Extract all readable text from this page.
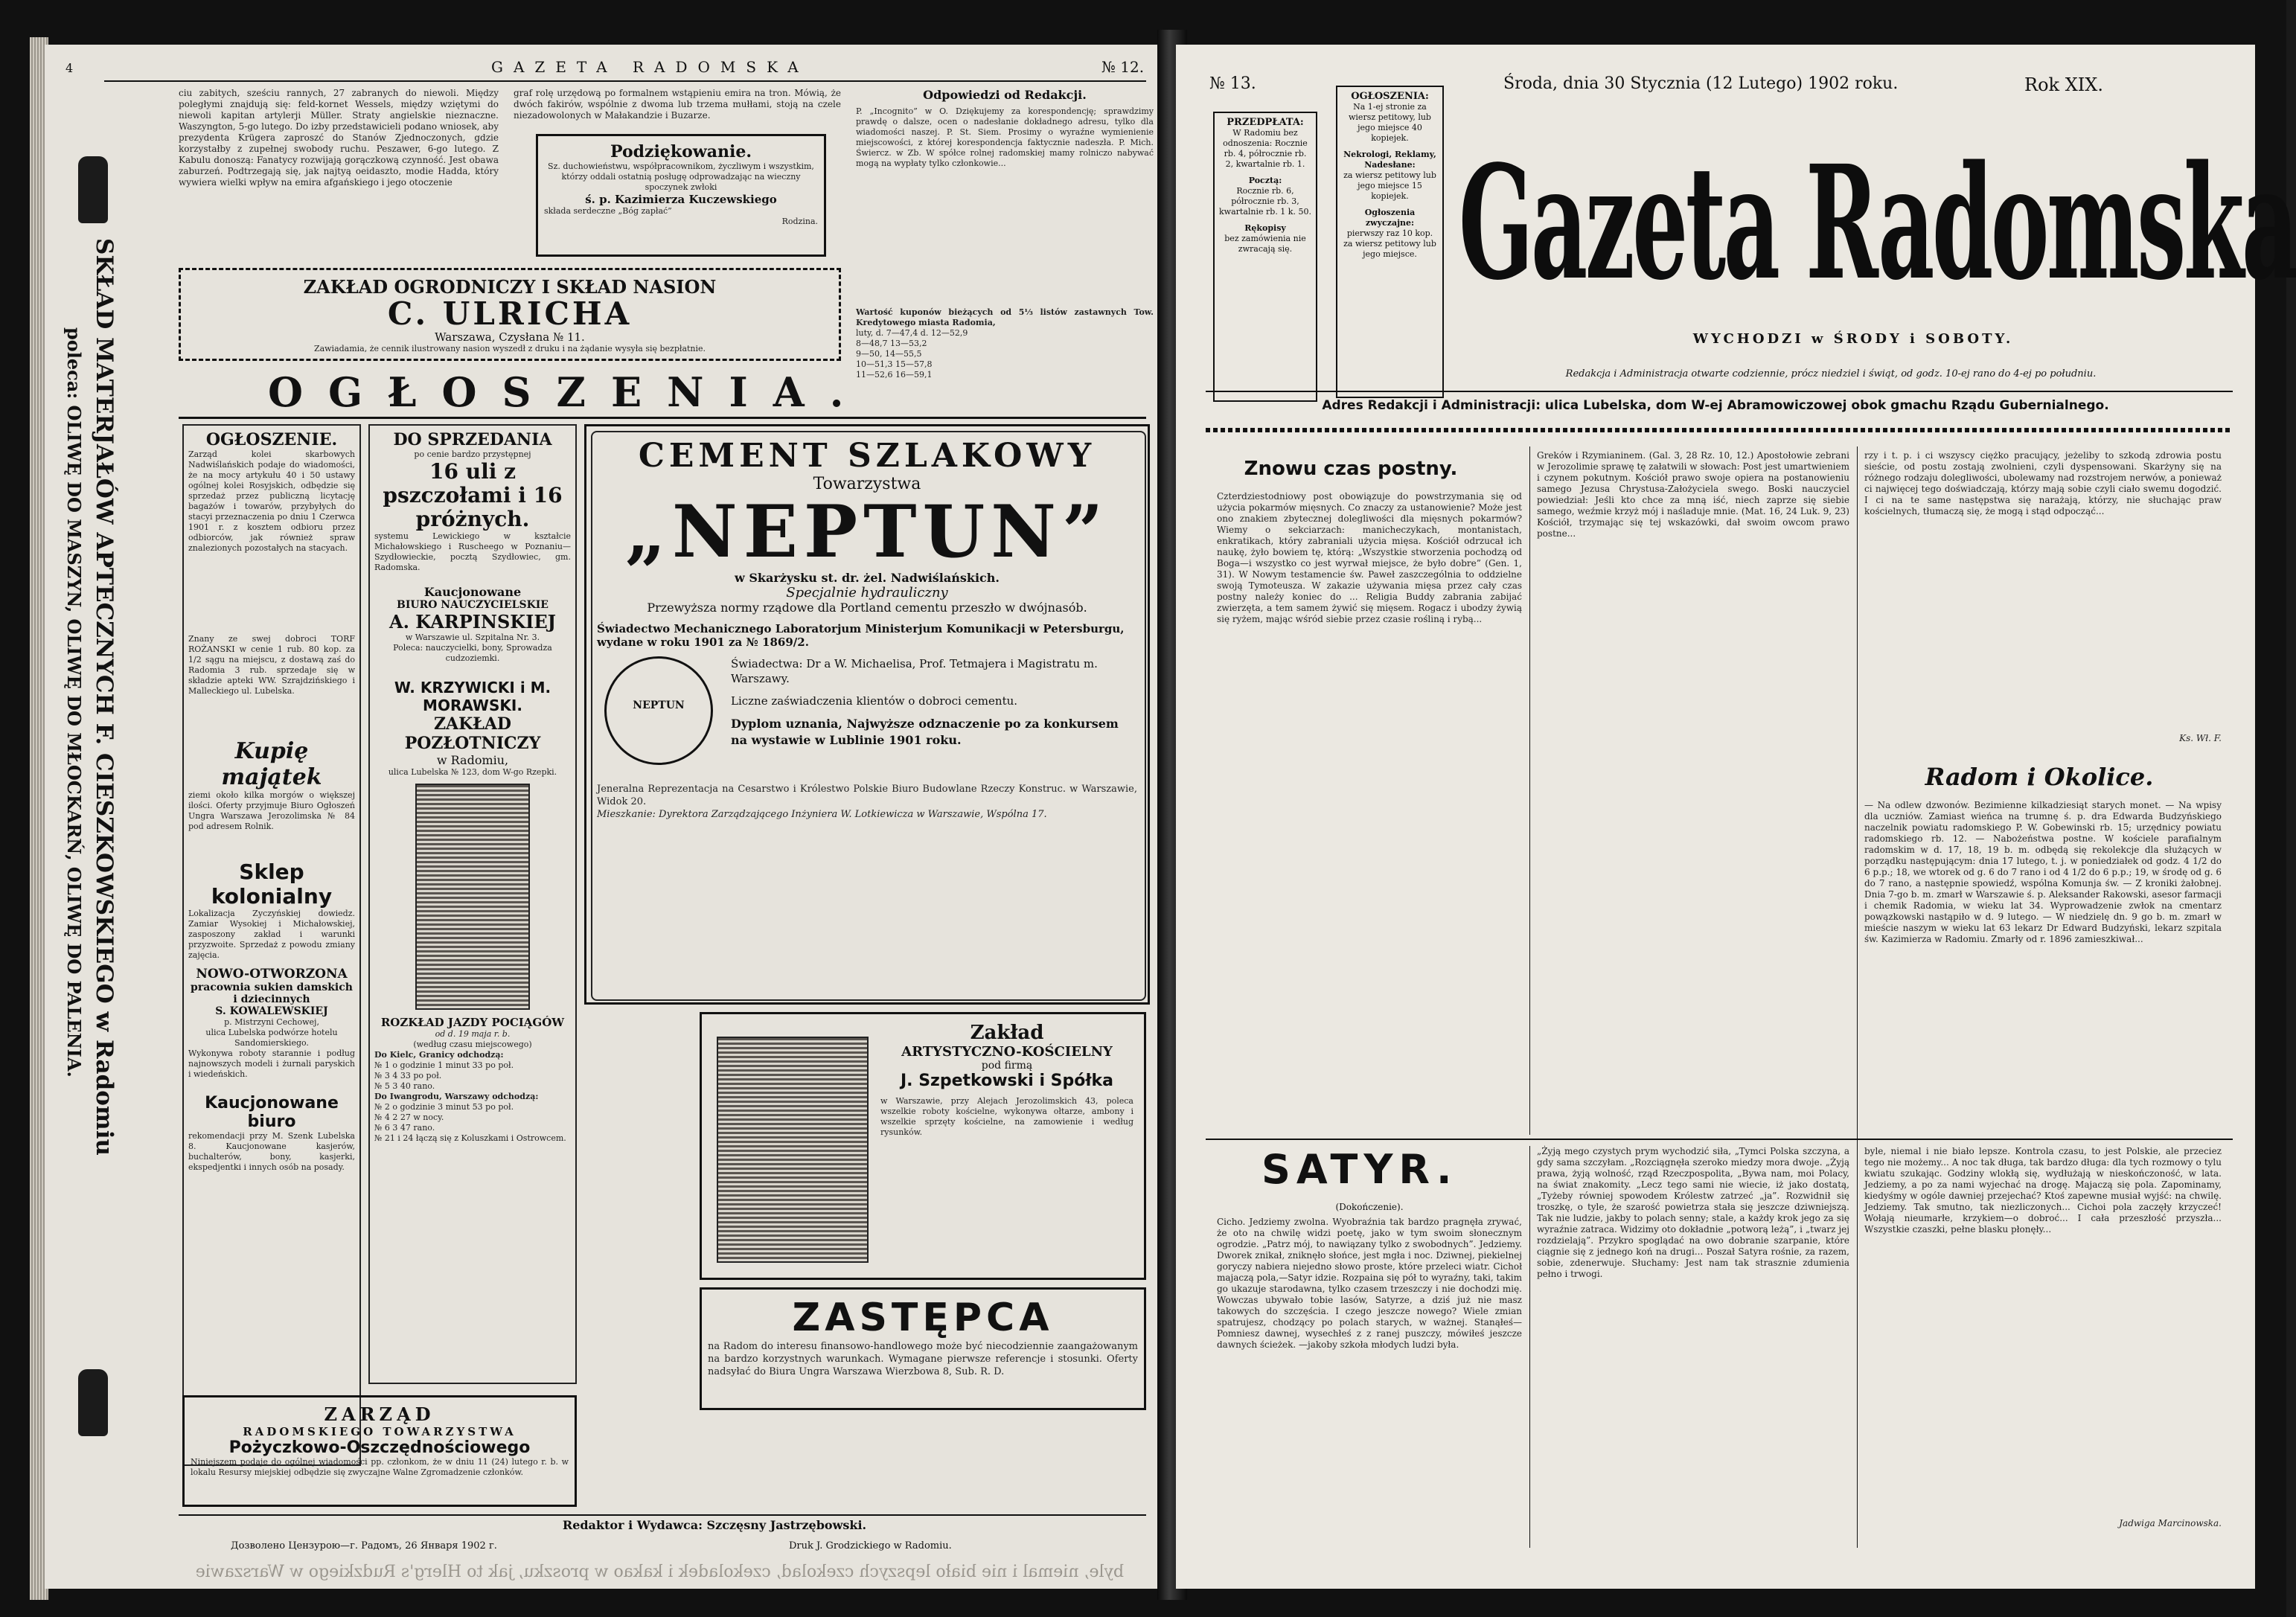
4	GAZETA RADOMSKA	№ 12.
SKŁAD MATERJAŁÓW APTECZNYCH F. CIESZKOWSKIEGO w Radomiu
poleca: OLIWĘ DO MASZYN, OLIWĘ DO MŁOCKARŃ, OLIWĘ DO PALENIA.
ciu zabitych, sześciu rannych, 27 zabranych do niewoli. Między poległymi znajdują się: feld-kornet Wessels, między wziętymi do niewoli kapitan artylerji Müller. Straty angielskie nieznaczne. Waszyngton, 5-go lutego. Do izby przedstawicieli podano wniosek, aby prezydenta Krügera zaproszć do Stanów Zjednoczonych, gdzie korzystałby z zupełnej swobody ruchu. Peszawer, 6-go lutego. Z Kabulu donoszą: Fanatycy rozwijają gorączkową czynność. Jest obawa zaburzeń. Podtrzegają się, jak najtyą oeidaszto, modie Hadda, który wywiera wielki wpływ na emira afgańskiego i jego otoczenie
graf rolę urzędową po formalnem wstąpieniu emira na tron. Mówią, że dwóch fakirów, wspólnie z dwoma lub trzema mułłami, stoją na czele niezadowolonych w Małakandzie i Buzarze.
Podziękowanie.
Sz. duchowieństwu, współpracownikom, życzliwym i wszystkim, którzy oddali ostatnią posługę odprowadzając na wieczny spoczynek zwłoki
ś. p. Kazimierza Kuczewskiego
składa serdeczne „Bóg zapłać”
Rodzina.
ZAKŁAD OGRODNICZY I SKŁAD NASION
C. ULRICHA
Warszawa, Czysłana № 11.
Zawiadamia, że cennik ilustrowany nasion wyszedł z druku i na żądanie wysyła się bezpłatnie.
Odpowiedzi od Redakcji.
P. „Incognito” w O. Dziękujemy za korespondencję; sprawdzimy prawdę o dalsze, ocen o nadesłanie dokładnego adresu, tylko dla wiadomości naszej. P. St. Siem. Prosimy o wyraźne wymienienie miejscowości, z której korespondencja faktycznie nadeszła. P. Mich. Świercz. w Zb. W spółce rolnej radomskiej mamy rolniczo nabywać mogą na wypłaty tylko członkowie...
Wartość kuponów bieżących od 5⅓ listów zastawnych Tow. Kredytowego miasta Radomia,
luty, d. 7—47,4 d. 12—52,9
8—48,7 13—53,2
9—50, 14—55,5
10—51,3 15—57,8
11—52,6 16—59,1
OGŁOSZENIA.
OGŁOSZENIE.
Zarząd kolei skarbowych Nadwiślańskich podaje do wiadomości, że na mocy artykułu 40 i 50 ustawy ogólnej kolei Rosyjskich, odbędzie się sprzedaż przez publiczną licytację bagażów i towarów, przybyłych do stacyi przeznaczenia po dniu 1 Czerwca 1901 r. z kosztem odbioru przez odbiorców, jak również spraw znalezionych pozostałych na stacyach.
Znany ze swej dobroci TORF ROŻANSKI w cenie 1 rub. 80 kop. za 1/2 sągu na miejscu, z dostawą zaś do Radomia 3 rub. sprzedaje się w składzie apteki WW. Szrajdzińskiego i Malleckiego ul. Lubelska.
Kupię majątek
ziemi około kilka morgów o większej ilości. Oferty przyjmuje Biuro Ogłoszeń Ungra Warszawa Jerozolimska № 84 pod adresem Rolnik.
Sklep kolonialny
Lokalizacja Zyczyńskiej dowiedz. Zamiar Wysokiej i Michałowskiej, zasposzony zakład i warunki przyzwoite. Sprzedaż z powodu zmiany zajęcia.
NOWO-OTWORZONA
pracownia sukien damskich i dziecinnych
S. KOWALEWSKIEJ
p. Mistrzyni Cechowej,
ulica Lubelska podwórze hotelu Sandomierskiego.
Wykonywa roboty starannie i podług najnowszych modeli i żurnali paryskich i wiedeńskich.
Kaucjonowane biuro
rekomendacji przy M. Szenk Lubelska 8. Kaucjonowane kasjerów, buchalterów, bony, kasjerki, ekspedjentki i innych osób na posady.
DO SPRZEDANIA
po cenie bardzo przystępnej
16 uli z pszczołami i 16 próżnych.
systemu Lewickiego w kształcie Michałowskiego i Ruscheego w Poznaniu—Szydłowieckie, pocztą Szydłowiec, gm. Radomska.
Kaucjonowane
BIURO NAUCZYCIELSKIE
A. KARPINSKIEJ
w Warszawie ul. Szpitalna Nr. 3.
Poleca: nauczycielki, bony, Sprowadza cudzoziemki.
W. KRZYWICKI i M. MORAWSKI.
ZAKŁAD POZŁOTNICZY
w Radomiu,
ulica Lubelska № 123, dom W-go Rzepki.
ROZKŁAD JAZDY POCIĄGÓW
od d. 19 maja r. b.
(według czasu miejscowego)
Do Kielc, Granicy odchodzą:
№ 1 o godzinie 1 minut 33 po poł.
№ 3 4 33 po poł.
№ 5 3 40 rano.
Do Iwangrodu, Warszawy odchodzą:
№ 2 o godzinie 3 minut 53 po poł.
№ 4 2 27 w nocy.
№ 6 3 47 rano.
№ 21 i 24 łączą się z Koluszkami i Ostrowcem.
CEMENT SZLAKOWY
Towarzystwa
„NEPTUN”
w Skarżysku st. dr. żel. Nadwiślańskich.
Specjalnie hydrauliczny
Przewyższa normy rządowe dla Portland cementu przeszło w dwójnasób.
Świadectwo Mechanicznego Laboratorjum Ministerjum Komunikacji w Petersburgu, wydane w roku 1901 za № 1869/2.
NEPTUN
Świadectwa: Dr a W. Michaelisa, Prof. Tetmajera i Magistratu m. Warszawy.
Liczne zaświadczenia klientów o dobroci cementu.
Dyplom uznania, Najwyższe odznaczenie po za konkursem na wystawie w Lublinie 1901 roku.
Jeneralna Reprezentacja na Cesarstwo i Królestwo Polskie Biuro Budowlane Rzeczy Konstruc. w Warszawie, Widok 20.
Mieszkanie: Dyrektora Zarządzającego Inżyniera W. Lotkiewicza w Warszawie, Wspólna 17.
Zakład
ARTYSTYCZNO-KOŚCIELNY
pod firmą
J. Szpetkowski i Spółka
w Warszawie, przy Alejach Jerozolimskich 43, poleca wszelkie roboty kościelne, wykonywa ołtarze, ambony i wszelkie sprzęty kościelne, na zamowienie i według rysunków.
ZASTĘPCA
na Radom do interesu finansowo-handlowego może być niecodziennie zaangażowanym na bardzo korzystnych warunkach. Wymagane pierwsze referencje i stosunki. Oferty nadsyłać do Biura Ungra Warszawa Wierzbowa 8, Sub. R. D.
ZARZĄD
RADOMSKIEGO TOWARZYSTWA
Pożyczkowo-Oszczędnościowego
Niniejszem podaje do ogólnej wiadomości pp. członkom, że w dniu 11 (24) lutego r. b. w lokalu Resursy miejskiej odbędzie się zwyczajne Walne Zgromadzenie członków.
Redaktor i Wydawca: Szczęsny Jastrzębowski.
Дозволено Цензурою—г. Радомъ, 26 Января 1902 г.	Druk J. Grodzickiego w Radomiu.
byle, niemal i nie biało lepszych czekolad, czekoladek i kakao w proszku, jak to Hlerg's Rudzkiego w Warszawie
№ 13.	Środa, dnia 30 Stycznia (12 Lutego) 1902 roku.	Rok XIX.
PRZEDPŁATA:
W Radomiu bez odnoszenia: Rocznie rb. 4, półrocznie rb. 2, kwartalnie rb. 1.
Pocztą:
Rocznie rb. 6, półrocznie rb. 3, kwartalnie rb. 1 k. 50.
Rękopisy
bez zamówienia nie zwracają się.
OGŁOSZENIA:
Na 1-ej stronie za wiersz petitowy, lub jego miejsce 40 kopiejek.
Nekrologi, Reklamy, Nadesłane:
za wiersz petitowy lub jego miejsce 15 kopiejek.
Ogłoszenia zwyczajne:
pierwszy raz 10 kop. za wiersz petitowy lub jego miejsce. Gazeta Radomska
WYCHODZI w ŚRODY i SOBOTY.
Redakcja i Administracja otwarte codziennie, prócz niedziel i świąt, od godz. 10-ej rano do 4-ej po południu.
Adres Redakcji i Administracji: ulica Lubelska, dom W-ej Abramowiczowej obok gmachu Rządu Gubernialnego.
Znowu czas postny.
Czterdziestodniowy post obowiązuje do powstrzymania się od użycia pokarmów mięsnych. Co znaczy za ustanowienie? Może jest ono znakiem zbytecznej dolegliwości dla mięsnych pokarmów? Wiemy o sekciarzach: manicheczykach, montanistach, enkratikach, który zabraniali użycia mięsa. Kościół odrzucał ich naukę, żyło bowiem tę, którą: „Wszystkie stworzenia pochodzą od Boga—i wszystko co jest wyrwał miejsce, że było dobre” (Gen. 1, 31). W Nowym testamencie św. Paweł zaszczególnia to oddzielne swoją Tymoteusza. W zakazie używania mięsa przez cały czas postny należy koniec do ... Religia Buddy zabrania zabijać zwierzęta, a tem samem żywić się mięsem. Rogacz i ubodzy żywią się ryżem, mając wśród siebie przez czasie rośliną i rybą...
Greków i Rzymianinem. (Gal. 3, 28 Rz. 10, 12.) Apostołowie zebrani w Jerozolimie sprawę tę załatwili w słowach: Post jest umartwieniem i czynem pokutnym. Kościół prawo swoje opiera na postanowieniu samego Jezusa Chrystusa-Założyciela swego. Boski nauczyciel powiedział: Jeśli kto chce za mną iść, niech zaprze się siebie samego, weźmie krzyż mój i naśladuje mnie. (Mat. 16, 24 Luk. 9, 23) Kościół, trzymając się tej wskazówki, dał swoim owcom prawo postne...
rzy i t. p. i ci wszyscy ciężko pracujący, jeżeliby to szkodą zdrowia postu sieście, od postu zostają zwolnieni, czyli dyspensowani. Skarżyny się na różnego rodzaju dolegliwości, ubolewamy nad rozstrojem nerwów, a ponieważ ci najwięcej tego doświadczają, którzy mają sobie czyli ciało swemu dogodzić. I ci na te same następstwa się narażają, którzy, nie słuchając praw kościelnych, tłumaczą się, że mogą i stąd odpocząć...
Ks. Wł. F.
Radom i Okolice.
— Na odlew dzwonów. Bezimienne kilkadziesiąt starych monet. — Na wpisy dla uczniów. Zamiast wieńca na trumnę ś. p. dra Edwarda Budzyńskiego naczelnik powiatu radomskiego P. W. Gobewinski rb. 15; urzędnicy powiatu radomskiego rb. 12. — Nabożeństwa postne. W kościele parafialnym radomskim w d. 17, 18, 19 b. m. odbędą się rekolekcje dla służących w porządku następującym: dnia 17 lutego, t. j. w poniedziałek od godz. 4 1/2 do 6 p.p.; 18, we wtorek od g. 6 do 7 rano i od 4 1/2 do 6 p.p.; 19, w środę od g. 6 do 7 rano, a następnie spowiedź, wspólna Komunja św. — Z kroniki żałobnej. Dnia 7-go b. m. zmarł w Warszawie ś. p. Aleksander Rakowski, asesor farmacji i chemik Radomia, w wieku lat 34. Wyprowadzenie zwłok na cmentarz powązkowski nastąpiło w d. 9 lutego. — W niedzielę dn. 9 go b. m. zmarł w mieście naszym w wieku lat 63 lekarz Dr Edward Budzyński, lekarz szpitala św. Kazimierza w Radomiu. Zmarły od r. 1896 zamieszkiwał...
SATYR.
(Dokończenie).
Cicho. Jedziemy zwolna. Wyobraźnia tak bardzo pragnęła zrywać, że oto na chwilę widzi poetę, jako w tym swoim słonecznym ogrodzie. „Patrz mój, to nawiązany tylko z swobodnych”. Jedziemy. Dworek znikał, zniknęło słońce, jest mgła i noc. Dziwnej, piekielnej goryczy nabiera niejedno słowo proste, które przeleci wiatr. Cichoł majaczą pola,—Satyr idzie. Rozpaina się pół to wyraźny, taki, takim go ukazuje starodawna, tylko czasem trzeszczy i nie dochodzi mię. Wowczas ubywało tobie lasów, Satyrze, a dziś już nie masz takowych do szczęścia. I czego jeszcze nowego? Wiele zmian spatrujesz, chodzący po polach starych, w ważnej. Stanąłeś—Pomniesz dawnej, wysechłeś z z ranej puszczy, mówiłeś jeszcze dawnych ścieżek. —jakoby szkoła młodych ludzi była.
„Żyją mego czystych prym wychodzić siła, „Tymci Polska szczyna, a gdy sama szczyłam. „Rozciągnęła szeroko miedzy mora dwoje. „Żyją prawa, żyją wolność, rząd Rzeczpospolita, „Bywa nam, moi Polacy, na świat znakomity. „Lecz tego sami nie wiecie, iż jako dostatą, „Tyżeby równiej spowodem Królestw zatrzeć „ja”. Rozwidnił się troszkę, o tyle, że szarość powietrza stała się jeszcze dziwniejszą. Tak nie ludzie, jakby to polach senny; stale, a każdy krok jego za się wyraźnie zatraca. Widzimy oto dokładnie „potworą leżą”, i „twarz jej rozdzielają”. Przykro spoglądać na owo dobranie szarpanie, które ciągnie się z jednego koń na drugi... Poszał Satyra rośnie, za razem, sobie, zdenerwuje. Słuchamy: Jest nam tak strasznie zdumienia pełno i trwogi.
byle, niemal i nie biało lepsze. Kontrola czasu, to jest Polskie, ale przeciez tego nie możemy... A noc tak długa, tak bardzo długa: dla tych rozmowy o tylu kwiatu szukając. Godziny wlokłą się, wydłużają w nieskończoność, w lata. Jedziemy, a po za nami wyjechać na drogę. Majaczą się pola. Zapominamy, kiedyśmy w ogóle dawniej przejechać? Ktoś zapewne musiał wyjść: na chwilę. Jedziemy. Tak smutno, tak niezliczonych... Cichoi pola zaczęły krzyczeć! Wołają nieumarłe, krzykiem—o dobroć... I cała przeszłość przyszła... Wszystkie czaszki, pełne blasku płonęły...
Jadwiga Marcinowska.
